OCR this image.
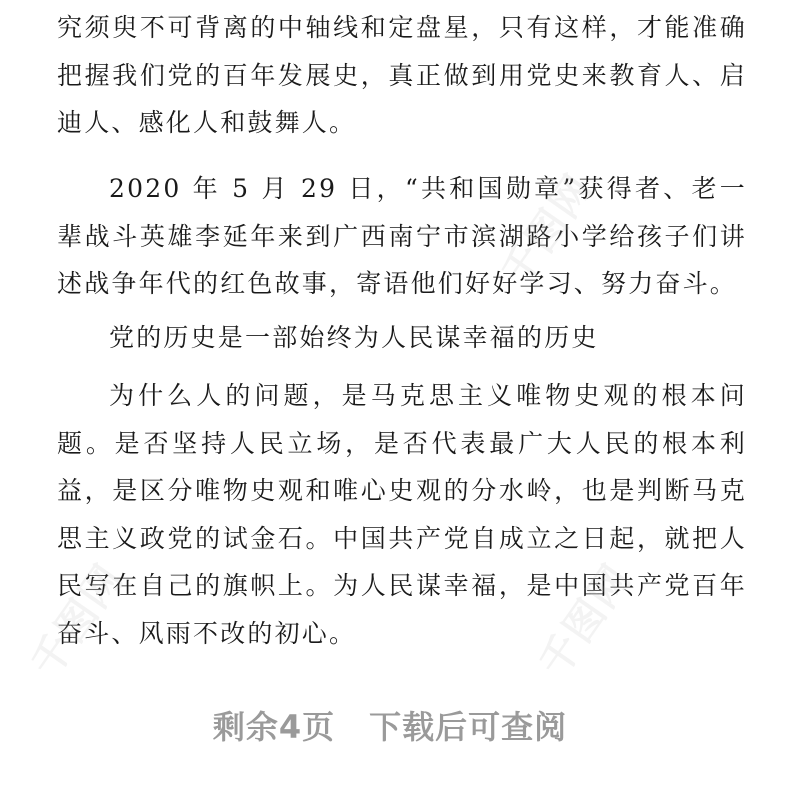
究须臾不可背离的中轴线和定盘星，只有这样，才能准确把握我们党的百年发展史，真正做到用党史来教育人、启迪人、感化人和鼓舞人。

2020 年 5 月 29 日，“共和国勋章”获得者、老一辈战斗英雄李延年来到广西南宁市滨湖路小学给孩子们讲述战争年代的红色故事，寄语他们好好学习、努力奋斗。

党的历史是一部始终为人民谋幸福的历史

为什么人的问题，是马克思主义唯物史观的根本问题。是否坚持人民立场，是否代表最广大人民的根本利益，是区分唯物史观和唯心史观的分水岭，也是判断马克思主义政党的试金石。中国共产党自成立之日起，就把人民写在自己的旗帜上。为人民谋幸福，是中国共产党百年奋斗、风雨不改的初心。

千图网
千图网	千图网
剩余4页 下载后可查阅
